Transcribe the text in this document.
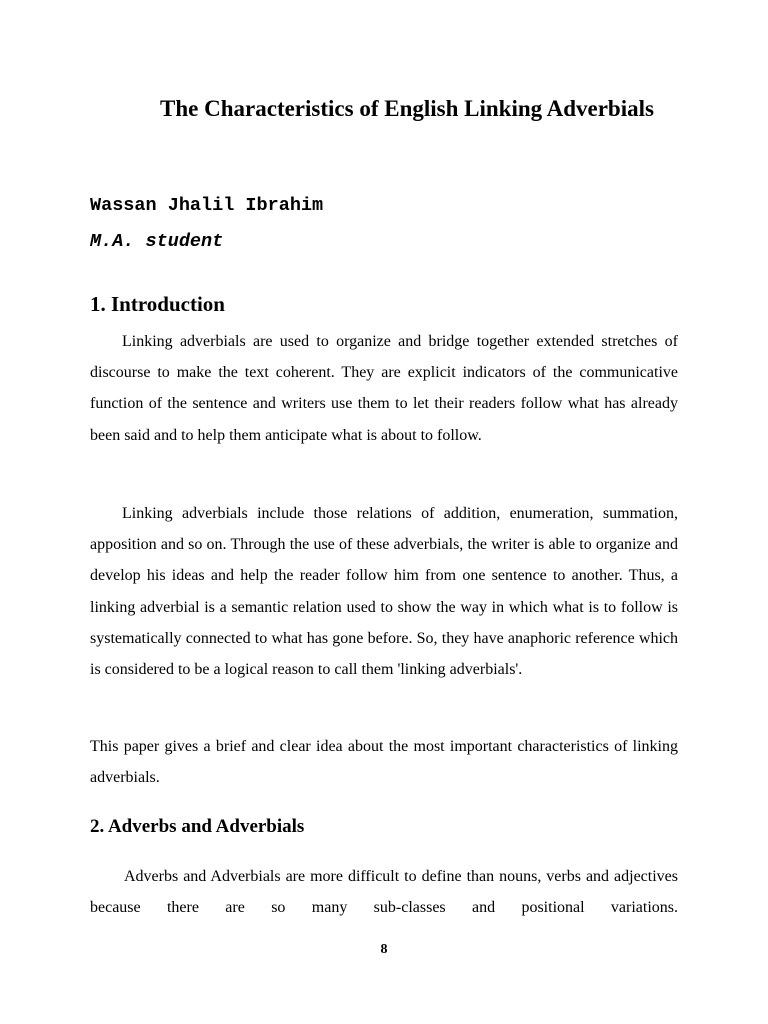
The Characteristics of English Linking Adverbials

Wassan Jhalil Ibrahim

M.A. student

1. Introduction

Linking adverbials are used to organize and bridge together extended stretches of discourse to make the text coherent. They are explicit indicators of the communicative function of the sentence and writers use them to let their readers follow what has already been said and to help them anticipate what is about to follow.

Linking adverbials include those relations of addition, enumeration, summation, apposition and so on. Through the use of these adverbials, the writer is able to organize and develop his ideas and help the reader follow him from one sentence to another. Thus, a linking adverbial is a semantic relation used to show the way in which what is to follow is systematically connected to what has gone before. So, they have anaphoric reference which is considered to be a logical reason to call them 'linking adverbials'.

This paper gives a brief and clear idea about the most important characteristics of linking adverbials.

2. Adverbs and Adverbials

Adverbs and Adverbials are more difficult to define than nouns, verbs and adjectives because there are so many sub-classes and positional variations.

8
